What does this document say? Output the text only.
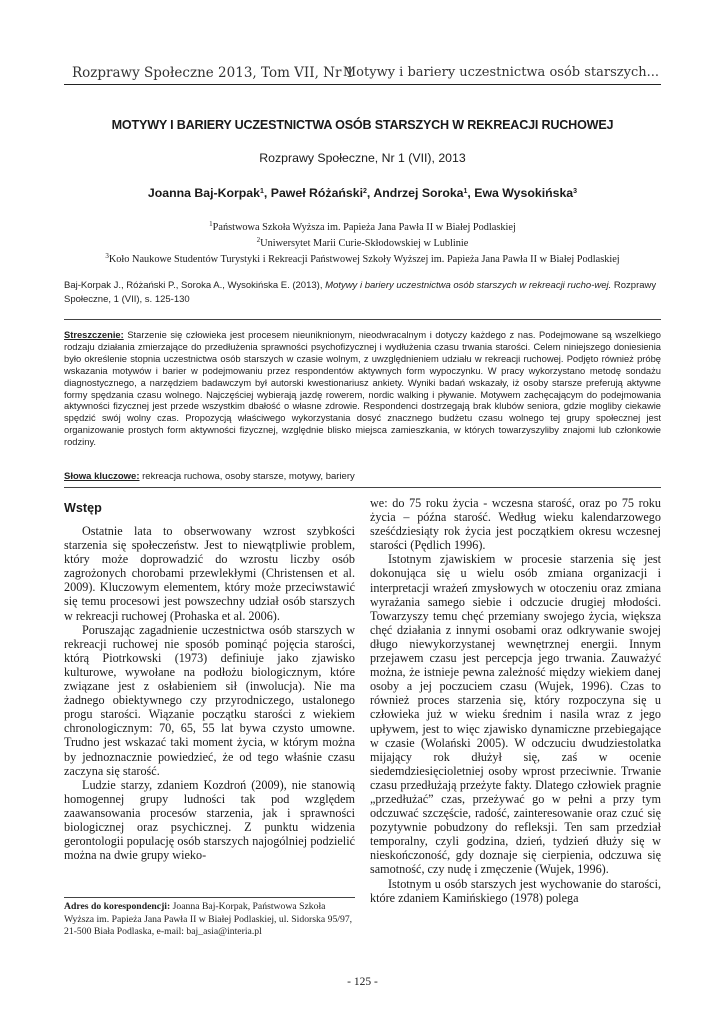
Rozprawy Społeczne 2013, Tom VII, Nr 1
Motywy i bariery uczestnictwa osób starszych...
MOTYWY I BARIERY UCZESTNICTWA OSÓB STARSZYCH W REKREACJI RUCHOWEJ
Rozprawy Społeczne, Nr 1 (VII), 2013
Joanna Baj-Korpak$^1$, Paweł Różański$^2$, Andrzej Soroka$^1$, Ewa Wysokińska$^3$
$^1$Państwowa Szkoła Wyższa im. Papieża Jana Pawła II w Białej Podlaskiej
$^2$Uniwersytet Marii Curie-Skłodowskiej w Lublinie
$^3$Koło Naukowe Studentów Turystyki i Rekreacji Państwowej Szkoły Wyższej im. Papieża Jana Pawła II w Białej Podlaskiej
Baj-Korpak J., Różański P., Soroka A., Wysokińska E. (2013), Motywy i bariery uczestnictwa osób starszych w rekreacji rucho-wej. Rozprawy Społeczne, 1 (VII), s. 125-130
Streszczenie: Starzenie się człowieka jest procesem nieuniknionym, nieodwracalnym i dotyczy każdego z nas. Podejmowane są wszelkiego rodzaju działania zmierzające do przedłużenia sprawności psychofizycznej i wydłużenia czasu trwania starości. Celem niniejszego doniesienia było określenie stopnia uczestnictwa osób starszych w czasie wolnym, z uwzględnieniem udziału w rekreacji ruchowej. Podjęto również próbę wskazania motywów i barier w podejmowaniu przez respondentów aktywnych form wypoczynku. W pracy wykorzystano metodę sondażu diagnostycznego, a narzędziem badawczym był autorski kwestionariusz ankiety. Wyniki badań wskazały, iż osoby starsze preferują aktywne formy spędzania czasu wolnego. Najczęściej wybierają jazdę rowerem, nordic walking i pływanie. Motywem zachęcającym do podejmowania aktywności fizycznej jest przede wszystkim dbałość o własne zdrowie. Respondenci dostrzegają brak klubów seniora, gdzie mogliby ciekawie spędzić swój wolny czas. Propozycją właściwego wykorzystania dosyć znacznego budżetu czasu wolnego tej grupy społecznej jest organizowanie prostych form aktywności fizycznej, względnie blisko miejsca zamieszkania, w których towarzyszyliby znajomi lub członkowie rodziny.
Słowa kluczowe: rekreacja ruchowa, osoby starsze, motywy, bariery
Wstęp

Ostatnie lata to obserwowany wzrost szybkości starzenia się społeczeństw. Jest to niewątpliwie problem, który może doprowadzić do wzrostu liczby osób zagrożonych chorobami przewlekłymi (Christensen et al. 2009). Kluczowym elementem, który może przeciwstawić się temu procesowi jest powszechny udział osób starszych w rekreacji ruchowej (Prohaska et al. 2006).

Poruszając zagadnienie uczestnictwa osób starszych w rekreacji ruchowej nie sposób pominąć pojęcia starości, którą Piotrkowski (1973) definiuje jako zjawisko kulturowe, wywołane na podłożu biologicznym, które związane jest z osłabieniem sił (inwolucja). Nie ma żadnego obiektywnego czy przyrodniczego, ustalonego progu starości. Wiązanie początku starości z wiekiem chronologicznym: 70, 65, 55 lat bywa czysto umowne. Trudno jest wskazać taki moment życia, w którym można by jednoznacznie powiedzieć, że od tego właśnie czasu zaczyna się starość.

Ludzie starzy, zdaniem Kozdroń (2009), nie stanowią homogennej grupy ludności tak pod względem zaawansowania procesów starzenia, jak i sprawności biologicznej oraz psychicznej. Z punktu widzenia gerontologii populację osób starszych najogólniej podzielić można na dwie grupy wieko-

we: do 75 roku życia - wczesna starość, oraz po 75 roku życia – późna starość. Według wieku kalendarzowego sześćdziesiąty rok życia jest początkiem okresu wczesnej starości (Pędlich 1996).

Istotnym zjawiskiem w procesie starzenia się jest dokonująca się u wielu osób zmiana organizacji i interpretacji wrażeń zmysłowych w otoczeniu oraz zmiana wyrażania samego siebie i odczucie drugiej młodości. Towarzyszy temu chęć przemiany swojego życia, większa chęć działania z innymi osobami oraz odkrywanie swojej długo niewykorzystanej wewnętrznej energii. Innym przejawem czasu jest percepcja jego trwania. Zauważyć można, że istnieje pewna zależność między wiekiem danej osoby a jej poczuciem czasu (Wujek, 1996). Czas to również proces starzenia się, który rozpoczyna się u człowieka już w wieku średnim i nasila wraz z jego upływem, jest to więc zjawisko dynamiczne przebiegające w czasie (Wolański 2005). W odczuciu dwudziestolatka mijający rok dłużył się, zaś w ocenie siedemdziesięcioletniej osoby wprost przeciwnie. Trwanie czasu przedłużają przeżyte fakty. Dlatego człowiek pragnie „przedłużać” czas, przeżywać go w pełni a przy tym odczuwać szczęście, radość, zainteresowanie oraz czuć się pozytywnie pobudzony do refleksji. Ten sam przedział temporalny, czyli godzina, dzień, tydzień dłuży się w nieskończoność, gdy doznaje się cierpienia, odczuwa się samotność, czy nudę i zmęczenie (Wujek, 1996).

Istotnym u osób starszych jest wychowanie do starości, które zdaniem Kamińskiego (1978) polega

Adres do korespondencji: Joanna Baj-Korpak, Państwowa Szkoła Wyższa im. Papieża Jana Pawła II w Białej Podlaskiej, ul. Sidorska 95/97, 21-500 Biała Podlaska, e-mail: baj_asia@interia.pl
- 125 -
